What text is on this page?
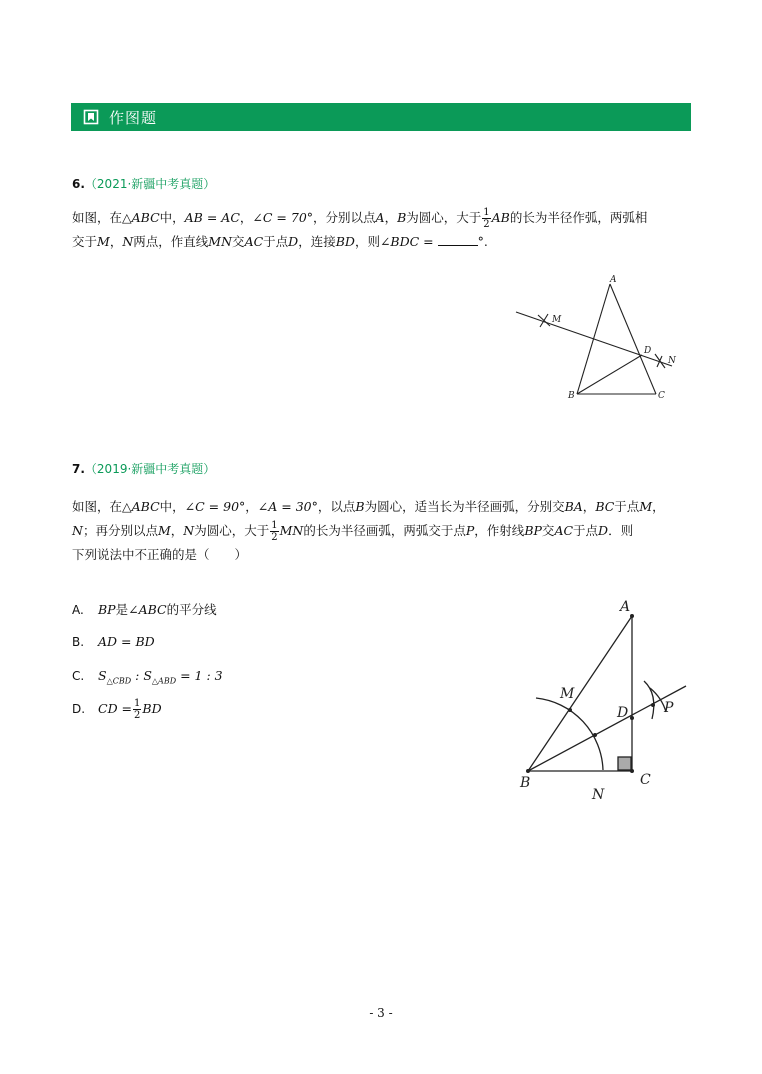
作图题
6.（2021·新疆中考真题）
如图，在△ABC中，AB = AC，∠C = 70°，分别以点A，B为圆心，大于 $\frac{1}{2}$ AB的长为半径作弧，两弧相
交于M，N两点，作直线MN交AC于点D，连接BD，则∠BDC =	°.
A
B	C
D
M
N
7.（2019·新疆中考真题）
如图，在△ABC中，∠C = 90°，∠A = 30°，以点B为圆心，适当长为半径画弧，分别交BA，BC于点M，
N；再分别以点M，N为圆心，大于 $\frac{1}{2}$ MN的长为半径画弧，两弧交于点P，作射线BP交AC于点D．则
下列说法中不正确的是（　　）
A. BP是∠ABC的平分线
B. AD = BD
C. $S_{\triangle CBD}$ : $S_{\triangle ABD} = 1$ : 3
D. CD = $\frac{1}{2}$ BD
A
B	C
D
M
N
P
- 3 -
